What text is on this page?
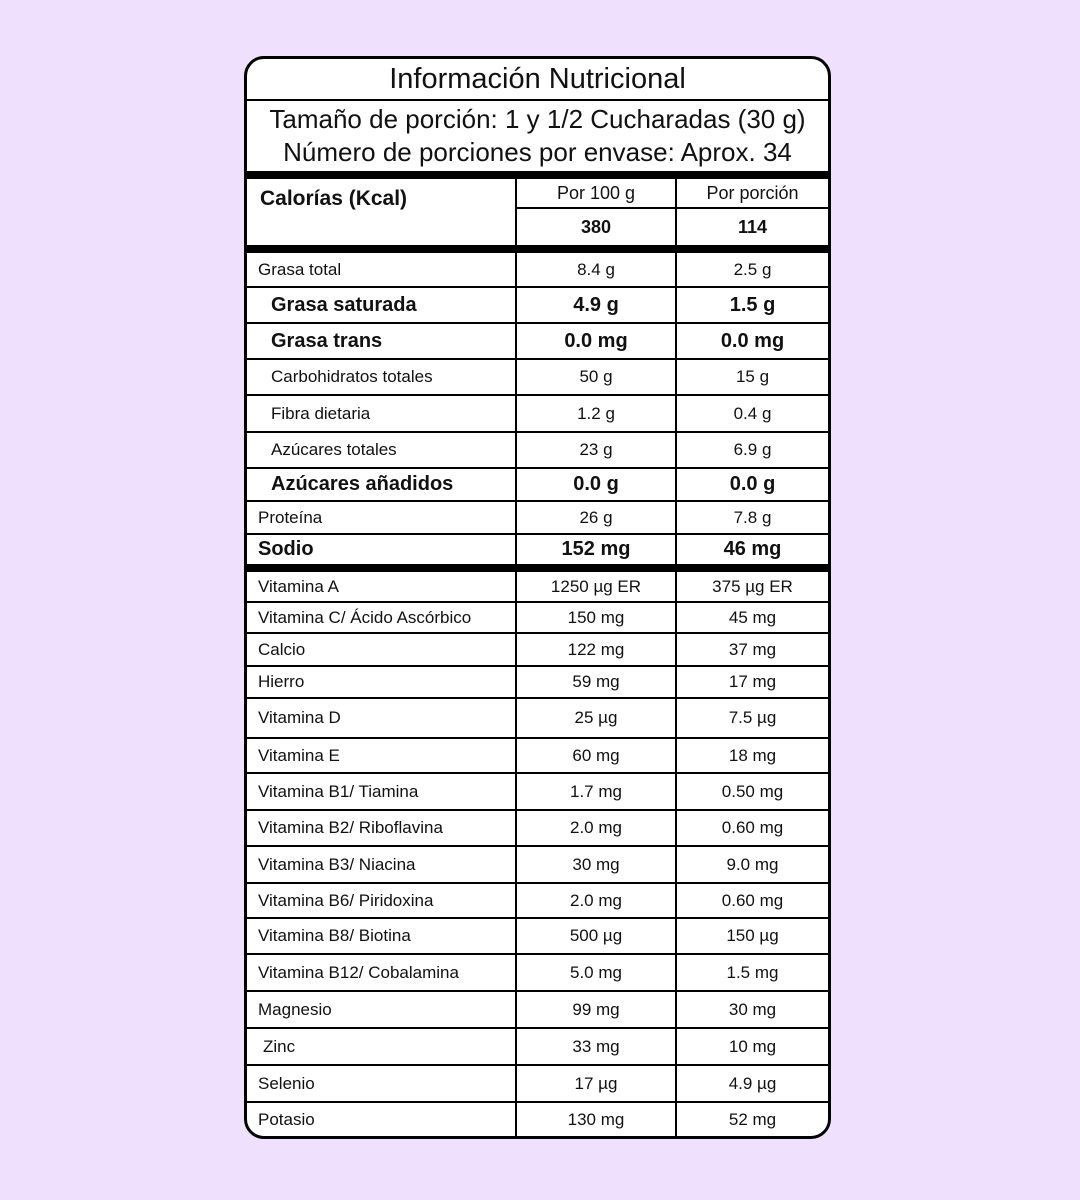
Información Nutricional
Tamaño de porción: 1 y 1/2 Cucharadas (30 g)
Número de porciones por envase: Aprox. 34
Calorías (Kcal)	Por 100 g	Por porción
380	114
Grasa total	8.4 g	2.5 g
Grasa saturada	4.9 g	1.5 g
Grasa trans	0.0 mg	0.0 mg
Carbohidratos totales	50 g	15 g
Fibra dietaria	1.2 g	0.4 g
Azúcares totales	23 g	6.9 g
Azúcares añadidos	0.0 g	0.0 g
Proteína	26 g	7.8 g
Sodio	152 mg	46 mg
Vitamina A	1250 µg ER	375 µg ER
Vitamina C/ Ácido Ascórbico	150 mg	45 mg
Calcio	122 mg	37 mg
Hierro	59 mg	17 mg
Vitamina D	25 µg	7.5 µg
Vitamina E	60 mg	18 mg
Vitamina B1/ Tiamina	1.7 mg	0.50 mg
Vitamina B2/ Riboflavina	2.0 mg	0.60 mg
Vitamina B3/ Niacina	30 mg	9.0 mg
Vitamina B6/ Piridoxina	2.0 mg	0.60 mg
Vitamina B8/ Biotina	500 µg	150 µg
Vitamina B12/ Cobalamina	5.0 mg	1.5 mg
Magnesio	99 mg	30 mg
Zinc	33 mg	10 mg
Selenio	17 µg	4.9 µg
Potasio	130 mg	52 mg
